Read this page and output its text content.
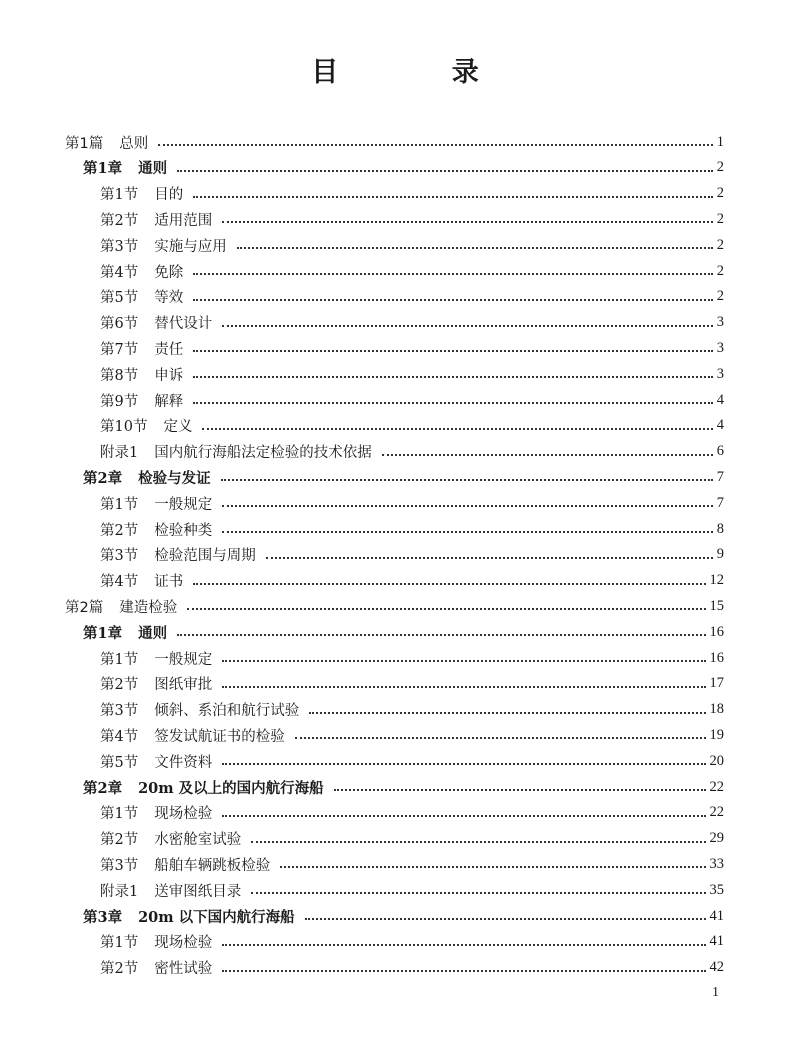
目 录
第1篇 总则	1
第1章 通则	2
第1节 目的	2
第2节 适用范围	2
第3节 实施与应用	2
第4节 免除	2
第5节 等效	2
第6节 替代设计	3
第7节 责任	3
第8节 申诉	3
第9节 解释	4
第10节 定义	4
附录1 国内航行海船法定检验的技术依据	6
第2章 检验与发证	7
第1节 一般规定	7
第2节 检验种类	8
第3节 检验范围与周期	9
第4节 证书	12
第2篇 建造检验	15
第1章 通则	16
第1节 一般规定	16
第2节 图纸审批	17
第3节 倾斜、系泊和航行试验	18
第4节 签发试航证书的检验	19
第5节 文件资料	20
第2章 20m 及以上的国内航行海船	22
第1节 现场检验	22
第2节 水密舱室试验	29
第3节 船舶车辆跳板检验	33
附录1 送审图纸目录	35
第3章 20m 以下国内航行海船	41
第1节 现场检验	41
第2节 密性试验	42
1
